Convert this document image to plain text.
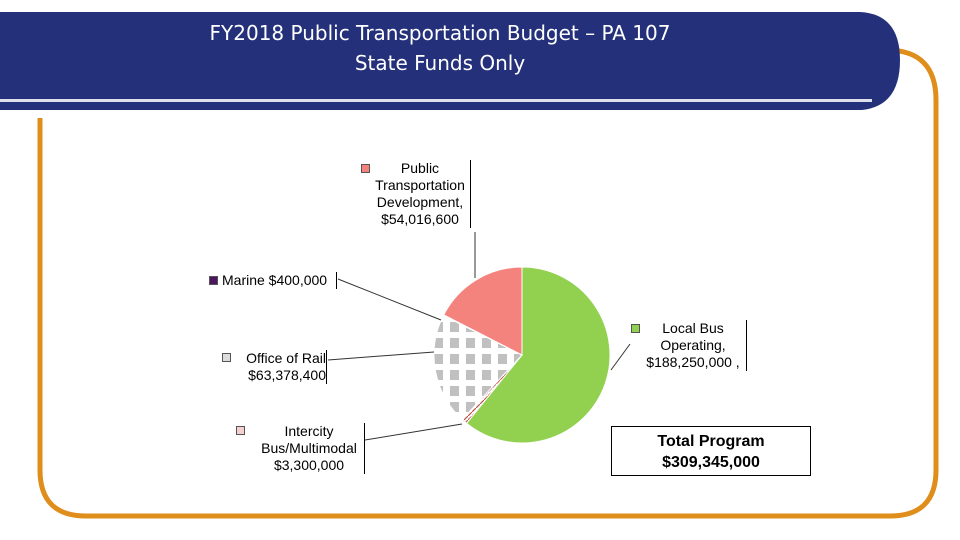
FY2018 Public Transportation Budget – PA 107
State Funds Only
Public
Transportation
Development,
$54,016,600
Marine $400,000
Office of Rail
$63,378,400
Intercity
Bus/Multimodal
$3,300,000
Local Bus
Operating,
$188,250,000 ,
Total Program
$309,345,000
